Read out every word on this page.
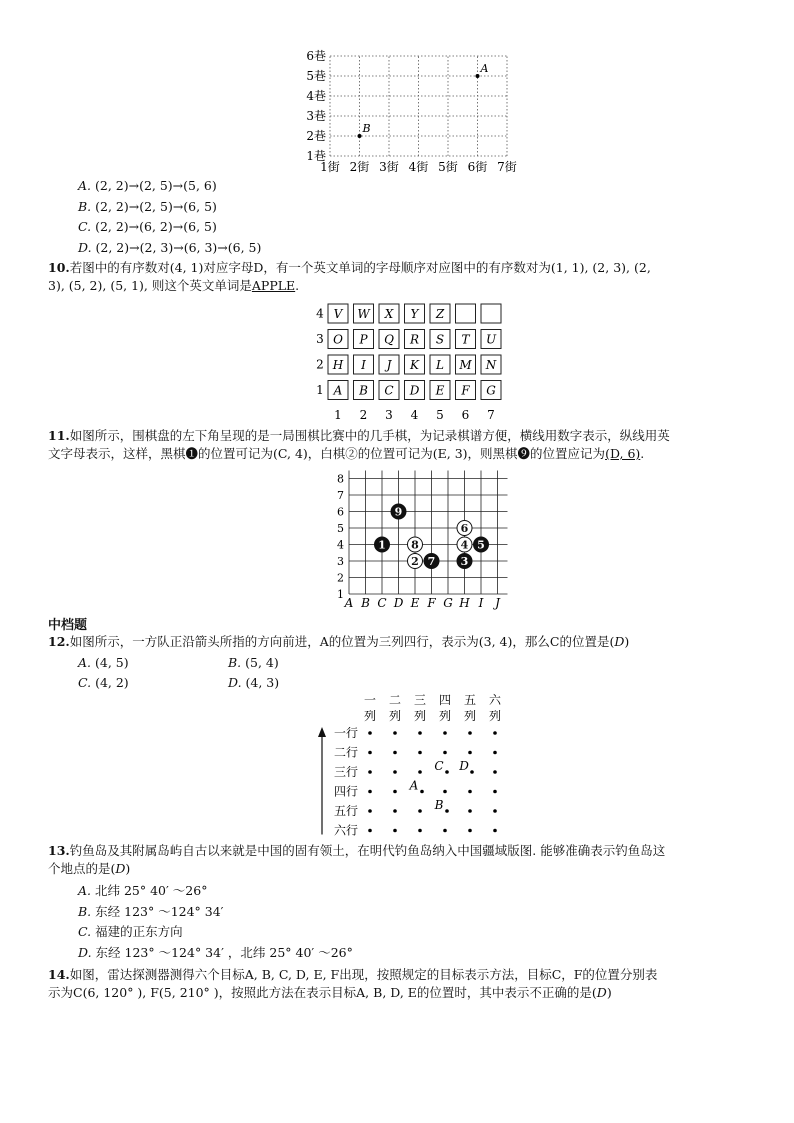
6巷
5巷
4巷
3巷
2巷
1巷
1街 2街 3街 4街 5街 6街 7街
A
B
A. (2, 2)→(2, 5)→(5, 6)
B. (2, 2)→(2, 5)→(6, 5)
C. (2, 2)→(6, 2)→(6, 5)
D. (2, 2)→(2, 3)→(6, 3)→(6, 5)
10.若图中的有序数对(4, 1)对应字母D，有一个英文单词的字母顺序对应图中的有序数对为(1, 1), (2, 3), (2,
3), (5, 2), (5, 1), 则这个英文单词是APPLE.
4 V W X Y Z
3 O P Q R S T U
2 H I J K L M N
1 A B C D E F G
1 2 3 4 5 6 7
11.如图所示，围棋盘的左下角呈现的是一局围棋比赛中的几手棋，为记录棋谱方便，横线用数字表示，纵线用英
文字母表示，这样，黑棋❶的位置可记为(C, 4)，白棋②的位置可记为(E, 3)，则黑棋❾的位置应记为(D, 6).
8
7
6
5
4
3
2
1
A B C D E F G H I J
1
2	3
4 5
6
7
8
9
中档题
12.如图所示，一方队正沿箭头所指的方向前进，A的位置为三列四行，表示为(3, 4)，那么C的位置是(D)
A. (4, 5)	B. (5, 4)
C. (4, 2)	D. (4, 3)
一
列
二
列
三
列
四
列
五
列
六
列
一行
二行
三行
四行
五行
六行
C D
A
B
13.钓鱼岛及其附属岛屿自古以来就是中国的固有领土，在明代钓鱼岛纳入中国疆域版图. 能够准确表示钓鱼岛这
个地点的是(D)
A. 北纬 25° 40′ ～26°
B. 东经 123° ～124° 34′
C. 福建的正东方向
D. 东经 123° ～124° 34′ ，北纬 25° 40′ ～26°
14.如图，雷达探测器测得六个目标A, B, C, D, E, F出现，按照规定的目标表示方法，目标C，F的位置分别表
示为C(6, 120° ), F(5, 210° )，按照此方法在表示目标A, B, D, E的位置时，其中表示不正确的是(D)
